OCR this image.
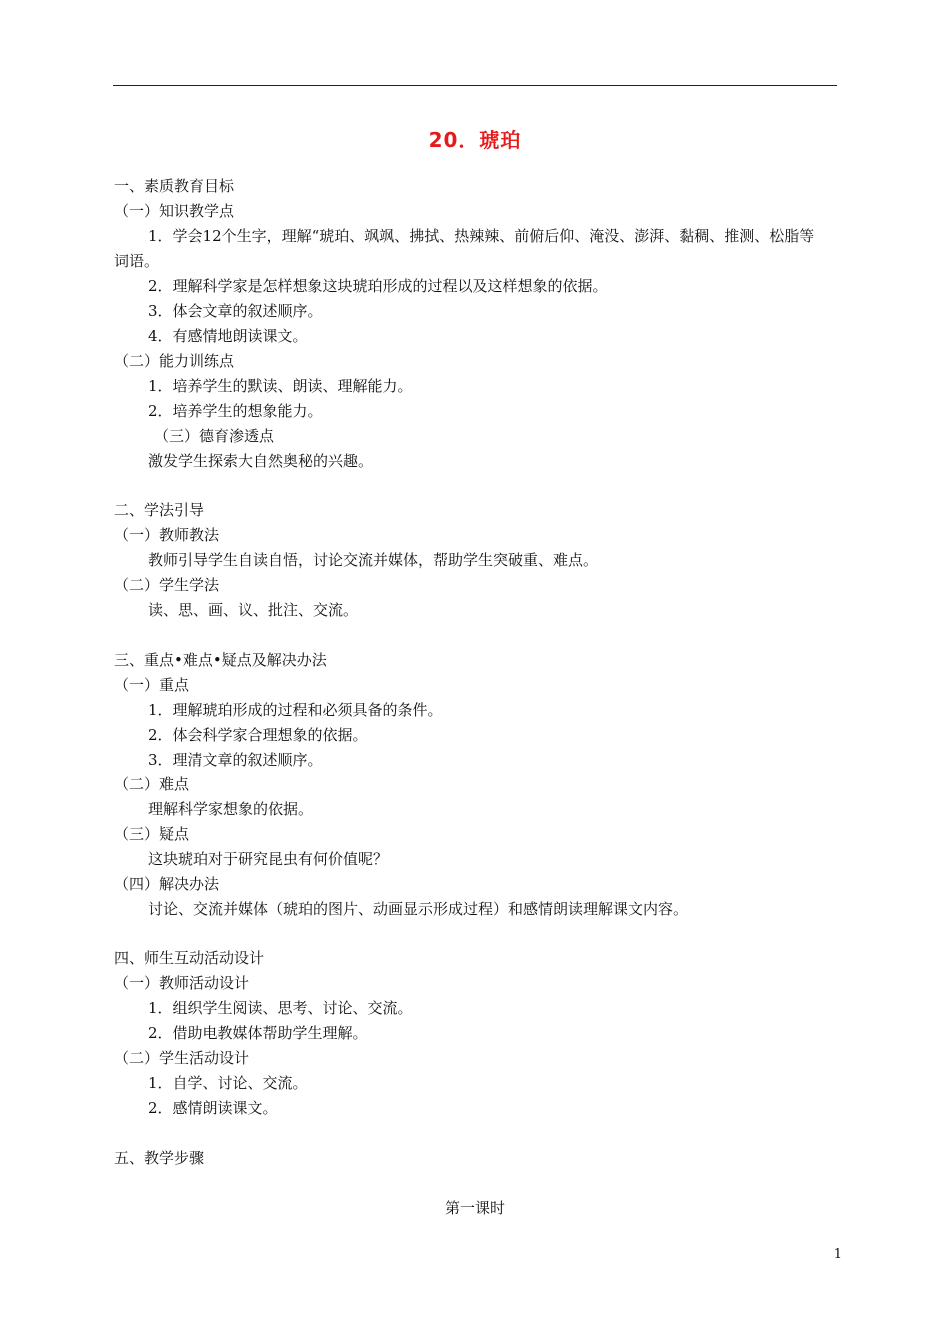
20．琥珀
一、素质教育目标
（一）知识教学点
1．学会12个生字，理解“琥珀、飒飒、拂拭、热辣辣、前俯后仰、淹没、澎湃、黏稠、推测、松脂等
词语。
2．理解科学家是怎样想象这块琥珀形成的过程以及这样想象的依据。
3．体会文章的叙述顺序。
4．有感情地朗读课文。
（二）能力训练点
1．培养学生的默读、朗读、理解能力。
2．培养学生的想象能力。
（三）德育渗透点
激发学生探索大自然奥秘的兴趣。
二、学法引导
（一）教师教法
教师引导学生自读自悟，讨论交流并媒体，帮助学生突破重、难点。
（二）学生学法
读、思、画、议、批注、交流。
三、重点•难点•疑点及解决办法
（一）重点
1．理解琥珀形成的过程和必须具备的条件。
2．体会科学家合理想象的依据。
3．理清文章的叙述顺序。
（二）难点
理解科学家想象的依据。
（三）疑点
这块琥珀对于研究昆虫有何价值呢？
（四）解决办法
讨论、交流并媒体（琥珀的图片、动画显示形成过程）和感情朗读理解课文内容。
四、师生互动活动设计
（一）教师活动设计
1．组织学生阅读、思考、讨论、交流。
2．借助电教媒体帮助学生理解。
（二）学生活动设计
1．自学、讨论、交流。
2．感情朗读课文。
五、教学步骤
第一课时
1
